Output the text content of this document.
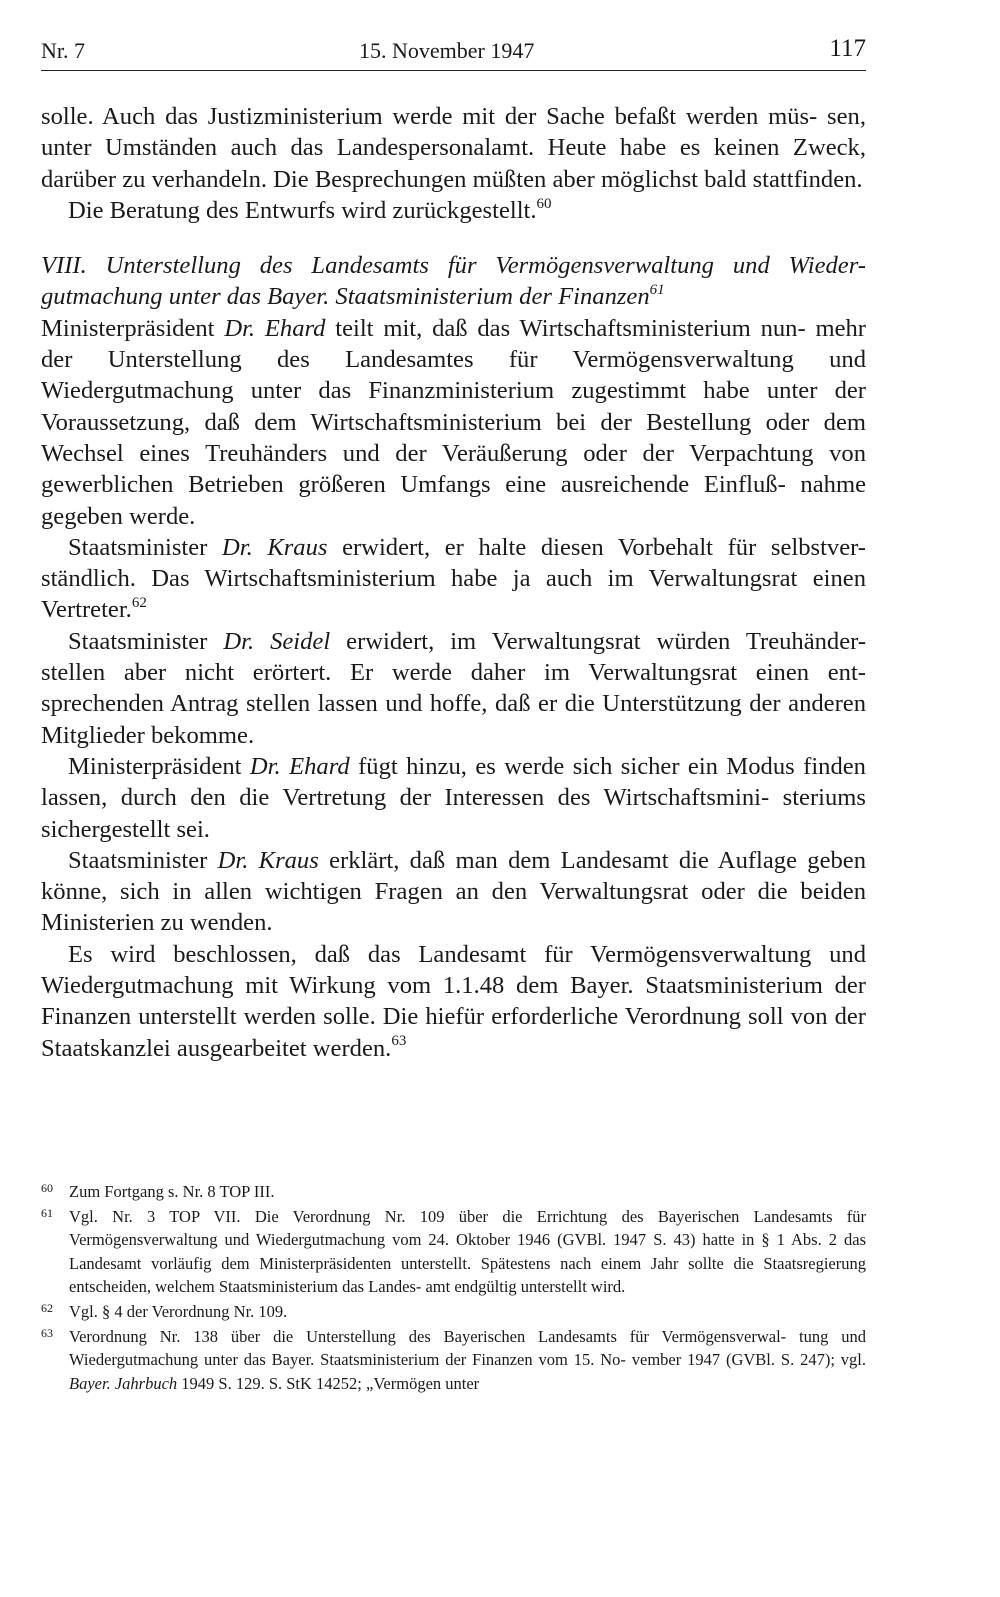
Nr. 7	15. November 1947	117

solle. Auch das Justizministerium werde mit der Sache befaßt werden müs- sen, unter Umständen auch das Landespersonalamt. Heute habe es keinen Zweck, darüber zu verhandeln. Die Besprechungen müßten aber möglichst bald stattfinden.

Die Beratung des Entwurfs wird zurückgestellt.$^{60}$

VIII. Unterstellung des Landesamts für Vermögensverwaltung und Wieder- gutmachung unter das Bayer. Staatsministerium der Finanzen$^{61}$

Ministerpräsident Dr. Ehard teilt mit, daß das Wirtschaftsministerium nun- mehr der Unterstellung des Landesamtes für Vermögensverwaltung und Wiedergutmachung unter das Finanzministerium zugestimmt habe unter der Voraussetzung, daß dem Wirtschaftsministerium bei der Bestellung oder dem Wechsel eines Treuhänders und der Veräußerung oder der Verpachtung von gewerblichen Betrieben größeren Umfangs eine ausreichende Einfluß- nahme gegeben werde.

Staatsminister Dr. Kraus erwidert, er halte diesen Vorbehalt für selbstver- ständlich. Das Wirtschaftsministerium habe ja auch im Verwaltungsrat einen Vertreter.$^{62}$

Staatsminister Dr. Seidel erwidert, im Verwaltungsrat würden Treuhänder- stellen aber nicht erörtert. Er werde daher im Verwaltungsrat einen ent- sprechenden Antrag stellen lassen und hoffe, daß er die Unterstützung der anderen Mitglieder bekomme.

Ministerpräsident Dr. Ehard fügt hinzu, es werde sich sicher ein Modus finden lassen, durch den die Vertretung der Interessen des Wirtschaftsmini- steriums sichergestellt sei.

Staatsminister Dr. Kraus erklärt, daß man dem Landesamt die Auflage geben könne, sich in allen wichtigen Fragen an den Verwaltungsrat oder die beiden Ministerien zu wenden.

Es wird beschlossen, daß das Landesamt für Vermögensverwaltung und Wiedergutmachung mit Wirkung vom 1.1.48 dem Bayer. Staatsministerium der Finanzen unterstellt werden solle. Die hiefür erforderliche Verordnung soll von der Staatskanzlei ausgearbeitet werden.$^{63}$

60 Zum Fortgang s. Nr. 8 TOP III.
61 Vgl. Nr. 3 TOP VII. Die Verordnung Nr. 109 über die Errichtung des Bayerischen Landesamts für Vermögensverwaltung und Wiedergutmachung vom 24. Oktober 1946 (GVBl. 1947 S. 43) hatte in § 1 Abs. 2 das Landesamt vorläufig dem Ministerpräsidenten unterstellt. Spätestens nach einem Jahr sollte die Staatsregierung entscheiden, welchem Staatsministerium das Landes- amt endgültig unterstellt wird.
62 Vgl. § 4 der Verordnung Nr. 109.
63 Verordnung Nr. 138 über die Unterstellung des Bayerischen Landesamts für Vermögensverwal- tung und Wiedergutmachung unter das Bayer. Staatsministerium der Finanzen vom 15. No- vember 1947 (GVBl. S. 247); vgl. Bayer. Jahrbuch 1949 S. 129. S. StK 14252; „Vermögen unter
